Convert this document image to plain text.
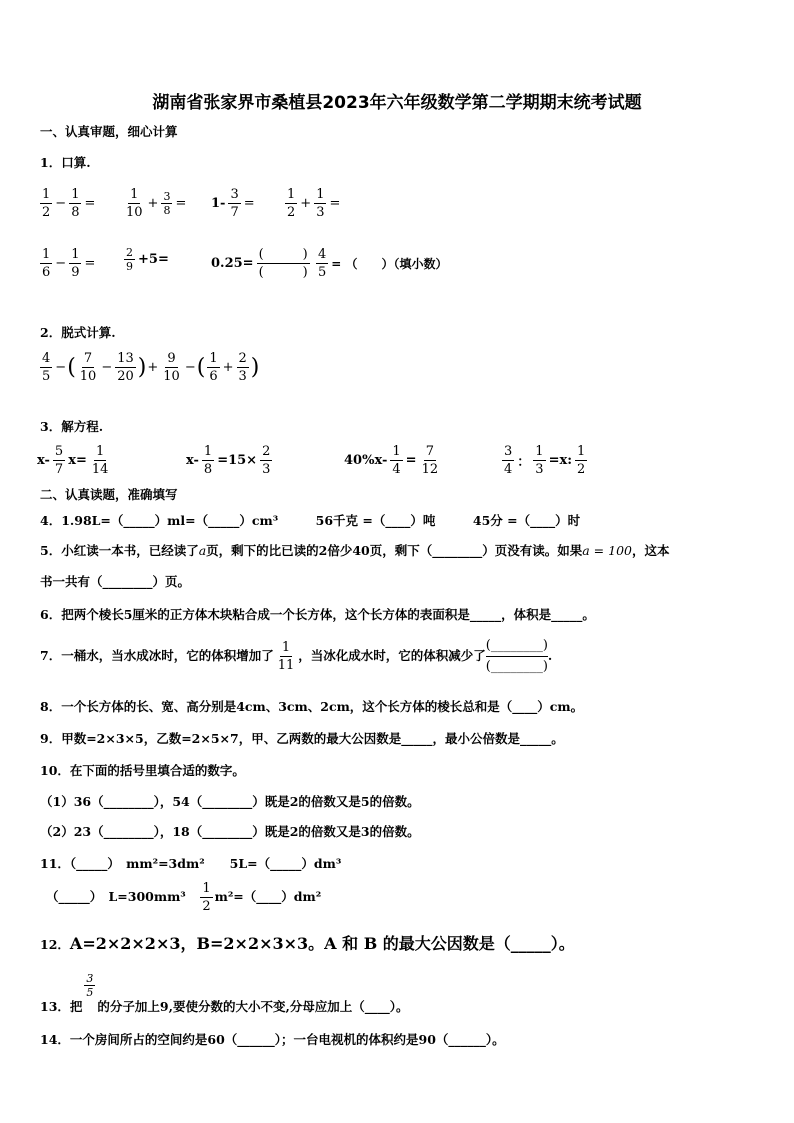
湖南省张家界市桑植县2023年六年级数学第二学期期末统考试题
一、认真审题，细心计算
1．口算.
$\frac{1}{2} - \frac{1}{8} = \frac{1}{10} + \frac{3}{8} = 1- \frac{3}{7} = \frac{1}{2} + \frac{1}{3}$ =
$\frac{1}{6} - \frac{1}{9}$ =	$\frac{2}{9} +5=$	$0.25= \frac{( )}{( )} \frac{4}{5}$ = （　　）（填小数）
2．脱式计算.
$\frac{4}{5}$ −( $\frac{7}{10} - \frac{13}{20}$ )+ $\frac{9}{10}$ −( $\frac{1}{6} + \frac{2}{3}$ )
3．解方程.
$x- \frac{5}{7} x= \frac{1}{14}$	$x- \frac{1}{8} =15\times \frac{2}{3}$	$40\%x- \frac{1}{4} = \frac{7}{12}$	$\frac{3}{4}$ ： $\frac{1}{3} =x$: $\frac{1}{2}$
二、认真读题，准确填写
4．1.98L=（_____）ml=（_____）cm³　　　56千克 =（____）吨　　　45分 =（____）时
5．小红读一本书，已经读了a页，剩下的比已读的2倍少40页，剩下（________）页没有读。如果a = 100，这本
书一共有（________）页。
6．把两个棱长5厘米的正方体木块粘合成一个长方体，这个长方体的表面积是_____，体积是_____。
7．一桶水，当水成冰时，它的体积增加了 $\frac{1}{11}$ ，当冰化成水时，它的体积减少了 $\frac{(\_\_\_\_\_\_\_\_)}{(\_\_\_\_\_\_\_\_)}$ .
8．一个长方体的长、宽、高分别是4cm、3cm、2cm，这个长方体的棱长总和是（____）cm。
9．甲数=2×3×5，乙数=2×5×7，甲、乙两数的最大公因数是_____，最小公倍数是_____。
10．在下面的括号里填合适的数字。
（1）36（________），54（________）既是2的倍数又是5的倍数。
（2）23（________），18（________）既是2的倍数又是3的倍数。
11．（_____）　mm²=3dm²　　5L=（_____）dm³
（_____）　L=300mm³　 $\frac{1}{2}$ m²=（____）dm²
12．A=2×2×2×3，B=2×2×3×3。A 和 B 的最大公因数是（_____）。
13．把
$\frac{3}{5}$
的分子加上9,要使分数的大小不变,分母应加上（____）。
14．一个房间所占的空间约是60（______）；一台电视机的体积约是90（______）。
